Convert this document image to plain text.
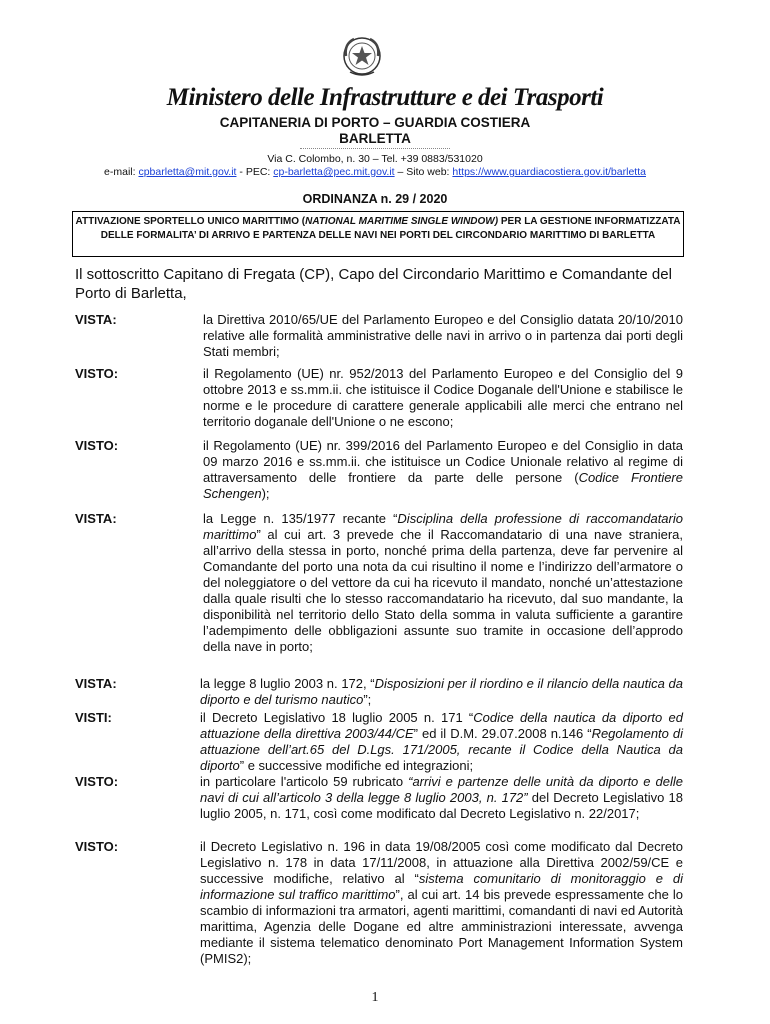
Ministero delle Infrastrutture e dei Trasporti
CAPITANERIA DI PORTO – GUARDIA COSTIERA
BARLETTA
Via C. Colombo, n. 30 – Tel. +39 0883/531020
e-mail: cpbarletta@mit.gov.it - PEC: cp-barletta@pec.mit.gov.it – Sito web: https://www.guardiacostiera.gov.it/barletta
ORDINANZA n. 29 / 2020
ATTIVAZIONE SPORTELLO UNICO MARITTIMO (NATIONAL MARITIME SINGLE WINDOW) PER LA GESTIONE INFORMATIZZATA DELLE FORMALITA’ DI ARRIVO E PARTENZA DELLE NAVI NEI PORTI DEL CIRCONDARIO MARITTIMO DI BARLETTA
Il sottoscritto Capitano di Fregata (CP), Capo del Circondario Marittimo e Comandante del Porto di Barletta,
VISTA:	la Direttiva 2010/65/UE del Parlamento Europeo e del Consiglio datata 20/10/2010 relative alle formalità amministrative delle navi in arrivo o in partenza dai porti degli Stati membri;
VISTO:	il Regolamento (UE) nr. 952/2013 del Parlamento Europeo e del Consiglio del 9 ottobre 2013 e ss.mm.ii. che istituisce il Codice Doganale dell'Unione e stabilisce le norme e le procedure di carattere generale applicabili alle merci che entrano nel territorio doganale dell'Unione o ne escono;
VISTO:	il Regolamento (UE) nr. 399/2016 del Parlamento Europeo e del Consiglio in data 09 marzo 2016 e ss.mm.ii. che istituisce un Codice Unionale relativo al regime di attraversamento delle frontiere da parte delle persone (Codice Frontiere Schengen);
VISTA:	la Legge n. 135/1977 recante “Disciplina della professione di raccomandatario marittimo” al cui art. 3 prevede che il Raccomandatario di una nave straniera, all’arrivo della stessa in porto, nonché prima della partenza, deve far pervenire al Comandante del porto una nota da cui risultino il nome e l’indirizzo dell’armatore o del noleggiatore o del vettore da cui ha ricevuto il mandato, nonché un’attestazione dalla quale risulti che lo stesso raccomandatario ha ricevuto, dal suo mandante, la disponibilità nel territorio dello Stato della somma in valuta sufficiente a garantire l’adempimento delle obbligazioni assunte suo tramite in occasione dell’approdo della nave in porto;
VISTA:	la legge 8 luglio 2003 n. 172, “Disposizioni per il riordino e il rilancio della nautica da diporto e del turismo nautico”;
VISTI:	il Decreto Legislativo 18 luglio 2005 n. 171 “Codice della nautica da diporto ed attuazione della direttiva 2003/44/CE” ed il D.M. 29.07.2008 n.146 “Regolamento di attuazione dell’art.65 del D.Lgs. 171/2005, recante il Codice della Nautica da diporto” e successive modifiche ed integrazioni;
VISTO:	in particolare l'articolo 59 rubricato “arrivi e partenze delle unità da diporto e delle navi di cui all’articolo 3 della legge 8 luglio 2003, n. 172” del Decreto Legislativo 18 luglio 2005, n. 171, così come modificato dal Decreto Legislativo n. 22/2017;
VISTO:	il Decreto Legislativo n. 196 in data 19/08/2005 così come modificato dal Decreto Legislativo n. 178 in data 17/11/2008, in attuazione alla Direttiva 2002/59/CE e successive modifiche, relativo al “sistema comunitario di monitoraggio e di informazione sul traffico marittimo”, al cui art. 14 bis prevede espressamente che lo scambio di informazioni tra armatori, agenti marittimi, comandanti di navi ed Autorità marittima, Agenzia delle Dogane ed altre amministrazioni interessate, avvenga mediante il sistema telematico denominato Port Management Information System (PMIS2);
1
